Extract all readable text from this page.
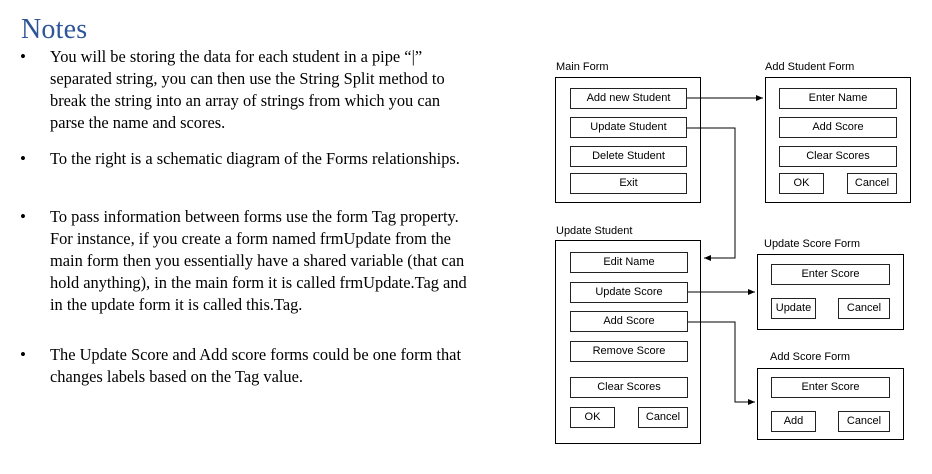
Notes
• You will be storing the data for each student in a pipe “|”
separated string, you can then use the String Split method to
break the string into an array of strings from which you can
parse the name and scores.
• To the right is a schematic diagram of the Forms relationships.
• To pass information between forms use the form Tag property.
For instance, if you create a form named frmUpdate from the
main form then you essentially have a shared variable (that can
hold anything), in the main form it is called frmUpdate.Tag and
in the update form it is called this.Tag.
• The Update Score and Add score forms could be one form that
changes labels based on the Tag value.
Main Form
Add new Student
Update Student
Delete Student
Exit
Add Student Form
Enter Name
Add Score
Clear Scores
OK	Cancel
Update Student
Edit Name
Update Score
Add Score
Remove Score
Clear Scores
OK	Cancel
Update Score Form
Enter Score
Update	Cancel
Add Score Form
Enter Score
Add	Cancel
